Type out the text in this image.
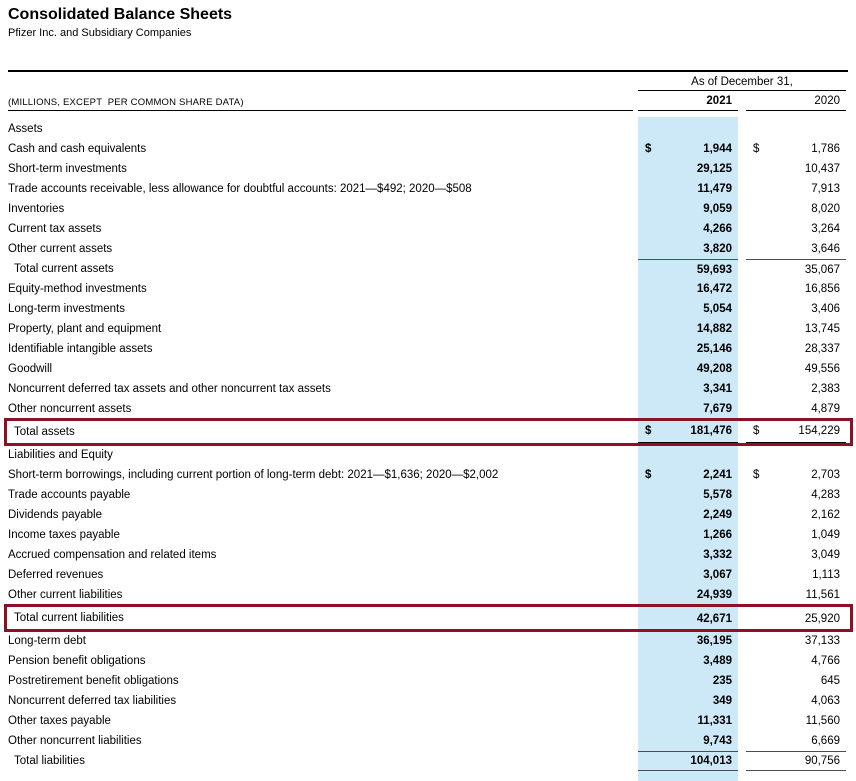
Consolidated Balance Sheets
Pfizer Inc. and Subsidiary Companies
As of December 31,
(MILLIONS, EXCEPT  PER COMMON SHARE DATA)	2021	2020
Assets
Cash and cash equivalents	$	1,944 $	1,786
Short-term investments	29,125	10,437
Trade accounts receivable, less allowance for doubtful accounts: 2021—$492; 2020—$508	11,479	7,913
Inventories	9,059	8,020
Current tax assets	4,266	3,264
Other current assets	3,820	3,646
Total current assets	59,693	35,067
Equity-method investments	16,472	16,856
Long-term investments	5,054	3,406
Property, plant and equipment	14,882	13,745
Identifiable intangible assets	25,146	28,337
Goodwill	49,208	49,556
Noncurrent deferred tax assets and other noncurrent tax assets	3,341	2,383
Other noncurrent assets	7,679	4,879
Total assets	$	181,476 $	154,229
Liabilities and Equity
Short-term borrowings, including current portion of long-term debt: 2021—$1,636; 2020—$2,002	$	2,241 $	2,703
Trade accounts payable	5,578	4,283
Dividends payable	2,249	2,162
Income taxes payable	1,266	1,049
Accrued compensation and related items	3,332	3,049
Deferred revenues	3,067	1,113
Other current liabilities	24,939	11,561
Total current liabilities	42,671	25,920
Long-term debt	36,195	37,133
Pension benefit obligations	3,489	4,766
Postretirement benefit obligations	235	645
Noncurrent deferred tax liabilities	349	4,063
Other taxes payable	11,331	11,560
Other noncurrent liabilities	9,743	6,669
Total liabilities	104,013	90,756
